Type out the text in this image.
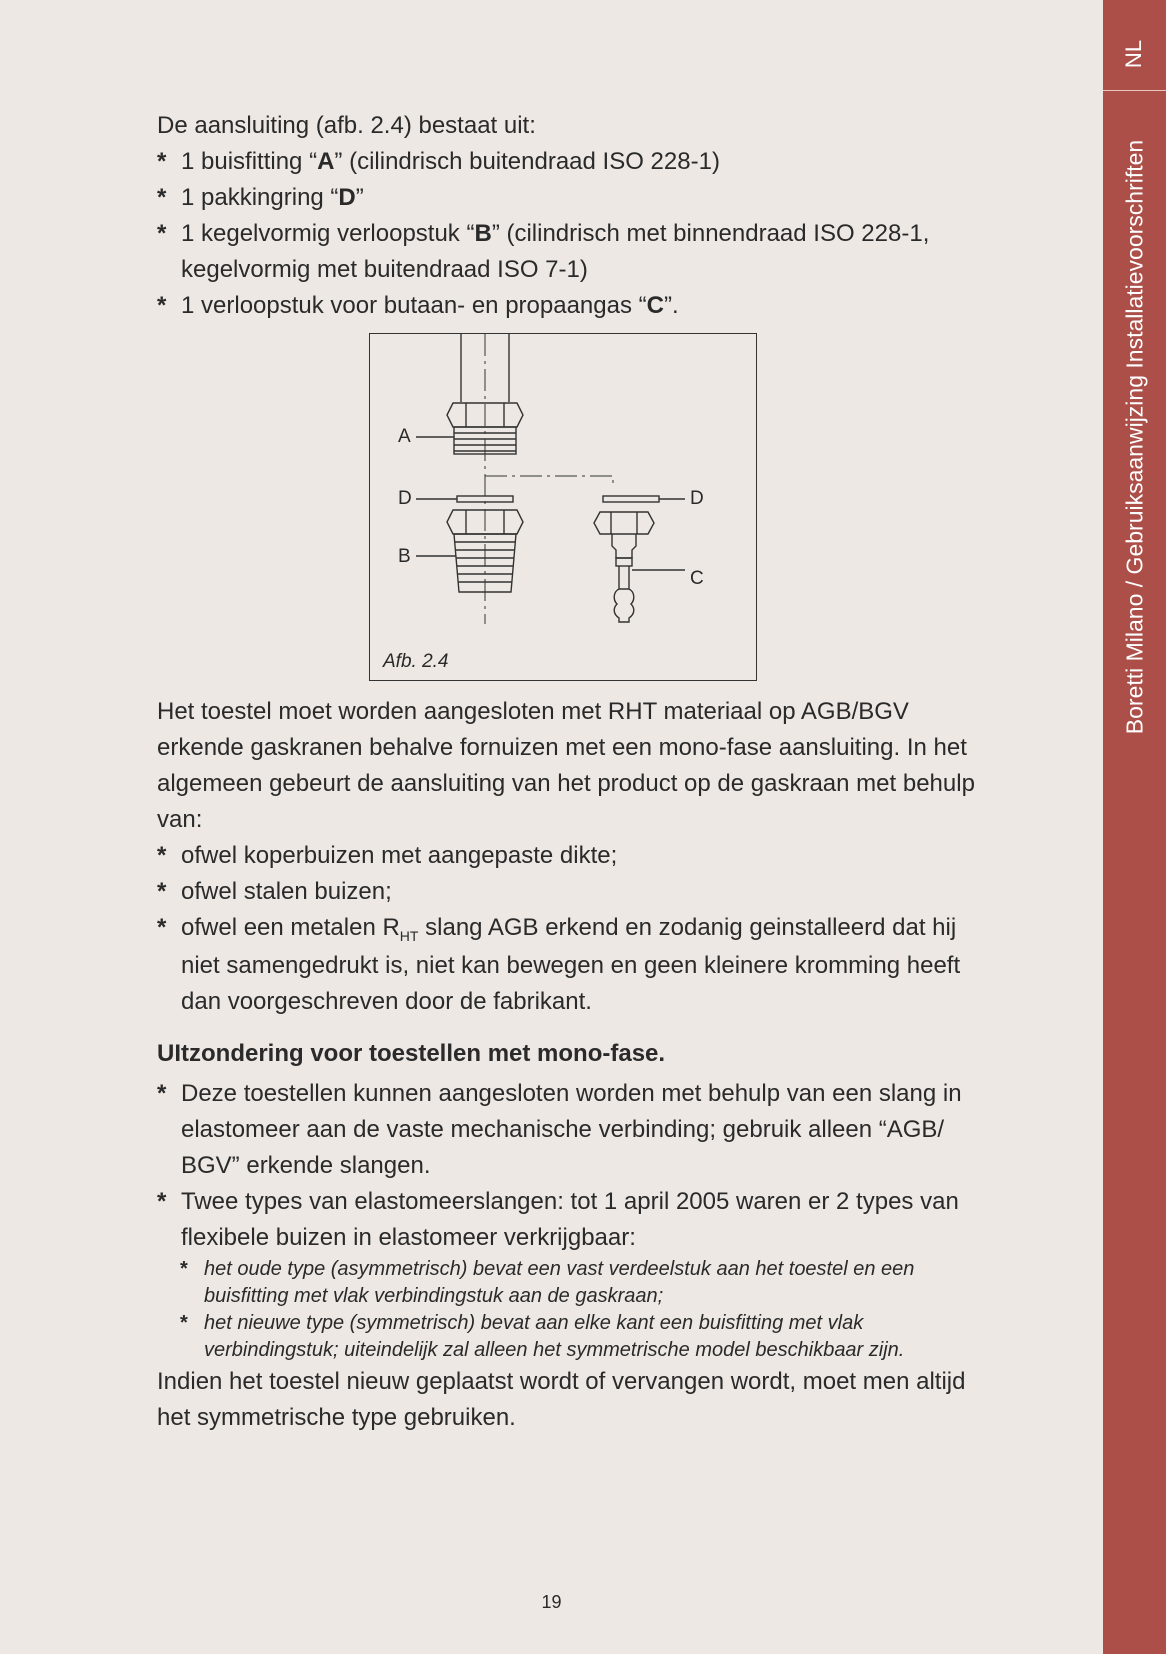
NL
Boretti Milano / Gebruiksaanwijzing Installatievoorschriften

De aansluiting (afb. 2.4) bestaat uit:

* 1 buisfitting “A” (cilindrisch buitendraad ISO 228-1)
* 1 pakkingring “D”
* 1 kegelvormig verloopstuk “B” (cilindrisch met binnendraad ISO 228-1, kegelvormig met buitendraad ISO 7-1)
* 1 verloopstuk voor butaan- en propaangas “C”.
A
D
B
D
C
Afb. 2.4

Het toestel moet worden aangesloten met RHT materiaal op AGB/BGV erkende gaskranen behalve fornuizen met een mono-fase aansluiting. In het algemeen gebeurt de aansluiting van het product op de gaskraan met behulp van:

* ofwel koperbuizen met aangepaste dikte;
* ofwel stalen buizen;
* ofwel een metalen $R_{HT}$ slang AGB erkend en zodanig geinstalleerd dat hij niet samengedrukt is, niet kan bewegen en geen kleinere kromming heeft dan voorgeschreven door de fabrikant.

UItzondering voor toestellen met mono-fase.

* Deze toestellen kunnen aangesloten worden met behulp van een slang in elastomeer aan de vaste mechanische verbinding; gebruik alleen “AGB/ BGV” erkende slangen.
* Twee types van elastomeerslangen: tot 1 april 2005 waren er 2 types van flexibele buizen in elastomeer verkrijgbaar:
* het oude type (asymmetrisch) bevat een vast verdeelstuk aan het toestel en een buisfitting met vlak verbindingstuk aan de gaskraan;
* het nieuwe type (symmetrisch) bevat aan elke kant een buisfitting met vlak verbindingstuk; uiteindelijk zal alleen het symmetrische model beschikbaar zijn.

Indien het toestel nieuw geplaatst wordt of vervangen wordt, moet men altijd het symmetrische type gebruiken.

19
